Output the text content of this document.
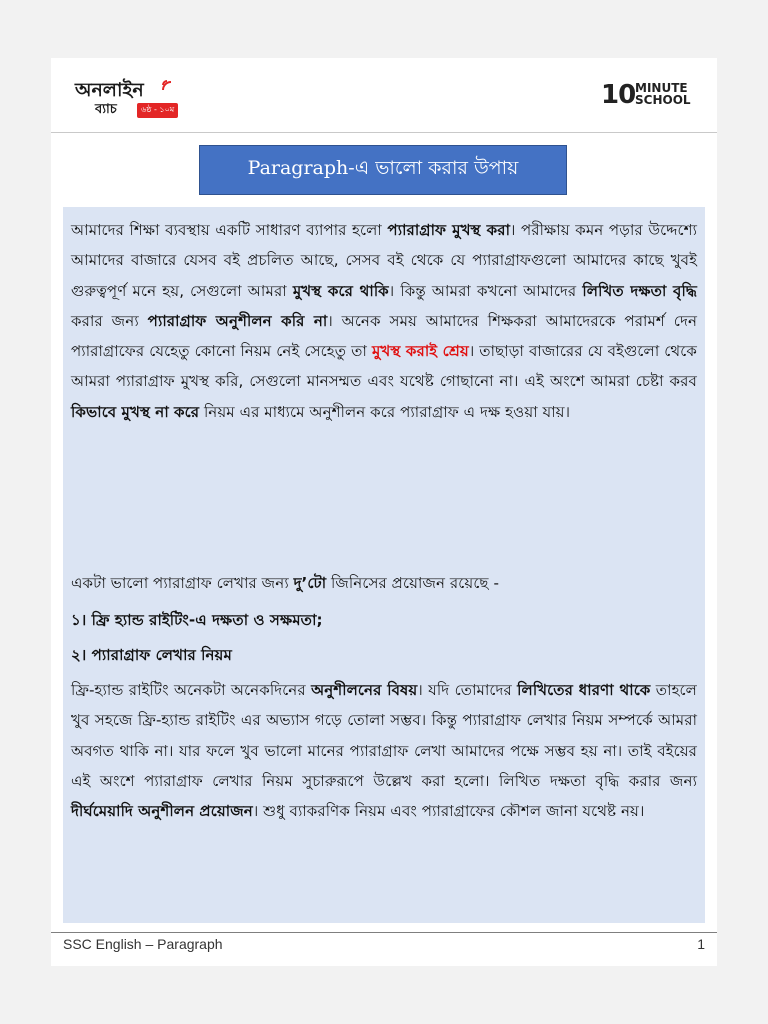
অনলাইন
ব্যাচ	৬ষ্ঠ - ১০ম	10 MINUTE
SCHOOL
Paragraph-এ ভালো করার উপায়
আমাদের শিক্ষা ব্যবস্থায় একটি সাধারণ ব্যাপার হলো প্যারাগ্রাফ মুখস্থ করা। পরীক্ষায় কমন পড়ার উদ্দেশ্যে আমাদের বাজারে যেসব বই প্রচলিত আছে, সেসব বই থেকে যে প্যারাগ্রাফগুলো আমাদের কাছে খুবই গুরুত্বপূর্ণ মনে হয়, সেগুলো আমরা মুখস্থ করে থাকি। কিন্তু আমরা কখনো আমাদের লিখিত দক্ষতা বৃদ্ধি করার জন্য প্যারাগ্রাফ অনুশীলন করি না। অনেক সময় আমাদের শিক্ষকরা আমাদেরকে পরামর্শ দেন প্যারাগ্রাফের যেহেতু কোনো নিয়ম নেই সেহেতু তা মুখস্থ করাই শ্রেয়। তাছাড়া বাজারের যে বইগুলো থেকে আমরা প্যারাগ্রাফ মুখস্থ করি, সেগুলো মানসম্মত এবং যথেষ্ট গোছানো না। এই অংশে আমরা চেষ্টা করব কিভাবে মুখস্থ না করে নিয়ম এর মাধ্যমে অনুশীলন করে প্যারাগ্রাফ এ দক্ষ হওয়া যায়।
একটা ভালো প্যারাগ্রাফ লেখার জন্য দু’টো জিনিসের প্রয়োজন রয়েছে -
১। ফ্রি হ্যান্ড রাইটিং-এ দক্ষতা ও সক্ষমতা;
২। প্যারাগ্রাফ লেখার নিয়ম
ফ্রি-হ্যান্ড রাইটিং অনেকটা অনেকদিনের অনুশীলনের বিষয়। যদি তোমাদের লিখিতের ধারণা থাকে তাহলে খুব সহজে ফ্রি-হ্যান্ড রাইটিং এর অভ্যাস গড়ে তোলা সম্ভব। কিন্তু প্যারাগ্রাফ লেখার নিয়ম সম্পর্কে আমরা অবগত থাকি না। যার ফলে খুব ভালো মানের প্যারাগ্রাফ লেখা আমাদের পক্ষে সম্ভব হয় না। তাই বইয়ের এই অংশে প্যারাগ্রাফ লেখার নিয়ম সুচারুরূপে উল্লেখ করা হলো। লিখিত দক্ষতা বৃদ্ধি করার জন্য দীর্ঘমেয়াদি অনুশীলন প্রয়োজন। শুধু ব্যাকরণিক নিয়ম এবং প্যারাগ্রাফের কৌশল জানা যথেষ্ট নয়।
SSC English – Paragraph	1
